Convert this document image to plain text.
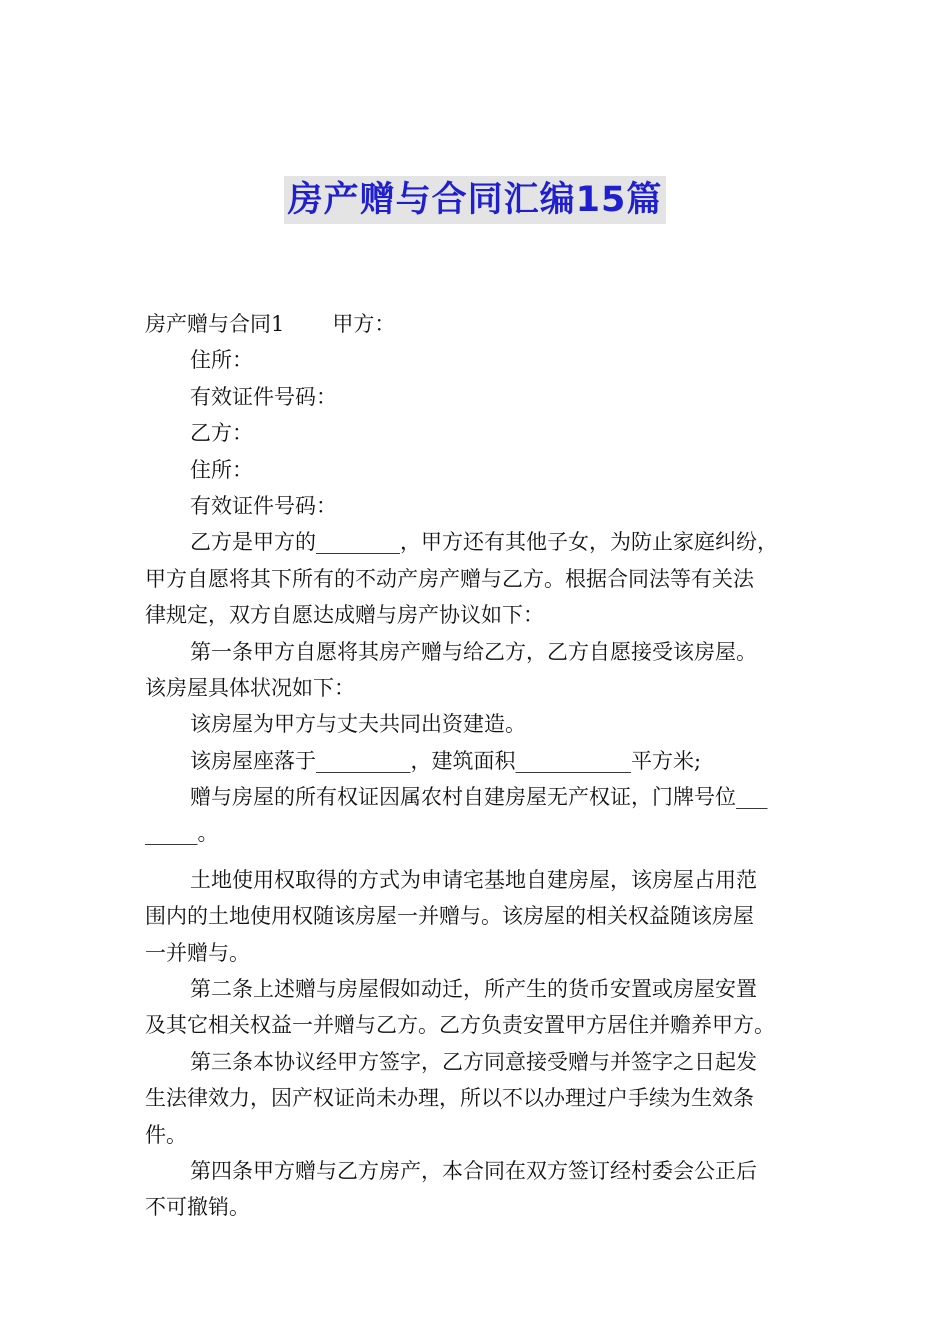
房产赠与合同汇编15篇
房产赠与合同1 甲方：
住所：
有效证件号码：
乙方：
住所：
有效证件号码：
乙方是甲方的________，甲方还有其他子女，为防止家庭纠纷，
甲方自愿将其下所有的不动产房产赠与乙方。根据合同法等有关法
律规定，双方自愿达成赠与房产协议如下：
第一条甲方自愿将其房产赠与给乙方，乙方自愿接受该房屋。
该房屋具体状况如下：
该房屋为甲方与丈夫共同出资建造。
该房屋座落于_________，建筑面积___________平方米;
赠与房屋的所有权证因属农村自建房屋无产权证，门牌号位___
_____。
土地使用权取得的方式为申请宅基地自建房屋，该房屋占用范
围内的土地使用权随该房屋一并赠与。该房屋的相关权益随该房屋
一并赠与。
第二条上述赠与房屋假如动迁，所产生的货币安置或房屋安置
及其它相关权益一并赠与乙方。乙方负责安置甲方居住并赡养甲方。
第三条本协议经甲方签字，乙方同意接受赠与并签字之日起发
生法律效力，因产权证尚未办理，所以不以办理过户手续为生效条
件。
第四条甲方赠与乙方房产，本合同在双方签订经村委会公正后
不可撤销。
